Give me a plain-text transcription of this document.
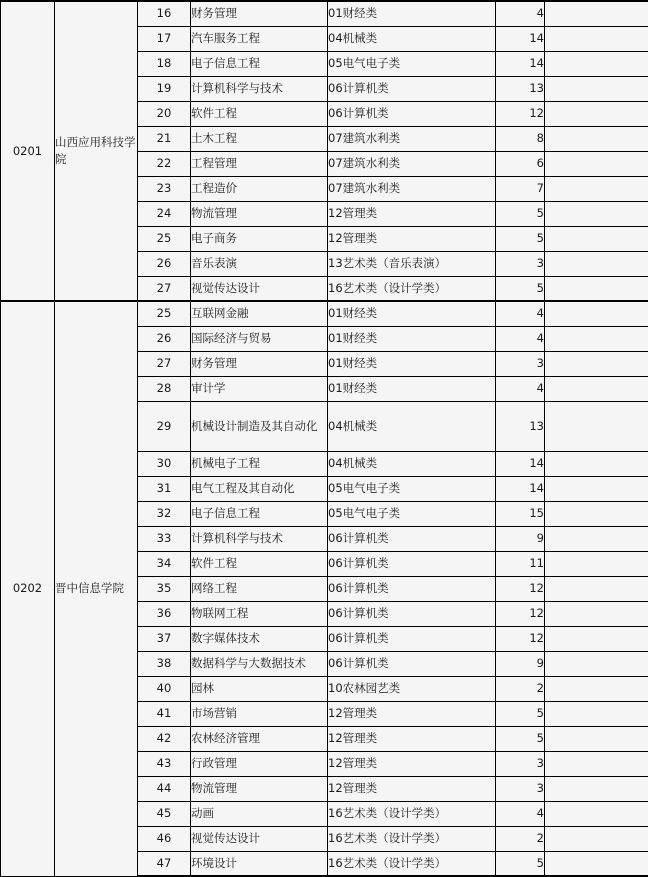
0201	山西应用科技学院	16	财务管理	01财经类	4	
		17	汽车服务工程	04机械类	14	
		18	电子信息工程	05电气电子类	14	
		19	计算机科学与技术	06计算机类	13	
		20	软件工程	06计算机类	12	
		21	土木工程	07建筑水利类	8	
		22	工程管理	07建筑水利类	6	
		23	工程造价	07建筑水利类	7	
		24	物流管理	12管理类	5	
		25	电子商务	12管理类	5	
		26	音乐表演	13艺术类（音乐表演）	3	
		27	视觉传达设计	16艺术类（设计学类）	5	
0202	晋中信息学院	25	互联网金融	01财经类	4	
		26	国际经济与贸易	01财经类	4	
		27	财务管理	01财经类	3	
		28	审计学	01财经类	4	
		29	机械设计制造及其自动化	04机械类	13	
		30	机械电子工程	04机械类	14	
		31	电气工程及其自动化	05电气电子类	14	
		32	电子信息工程	05电气电子类	15	
		33	计算机科学与技术	06计算机类	9	
		34	软件工程	06计算机类	11	
		35	网络工程	06计算机类	12	
		36	物联网工程	06计算机类	12	
		37	数字媒体技术	06计算机类	12	
		38	数据科学与大数据技术	06计算机类	9	
		40	园林	10农林园艺类	2	
		41	市场营销	12管理类	5	
		42	农林经济管理	12管理类	5	
		43	行政管理	12管理类	3	
		44	物流管理	12管理类	3	
		45	动画	16艺术类（设计学类）	4	
		46	视觉传达设计	16艺术类（设计学类）	2	
		47	环境设计	16艺术类（设计学类）	5	
